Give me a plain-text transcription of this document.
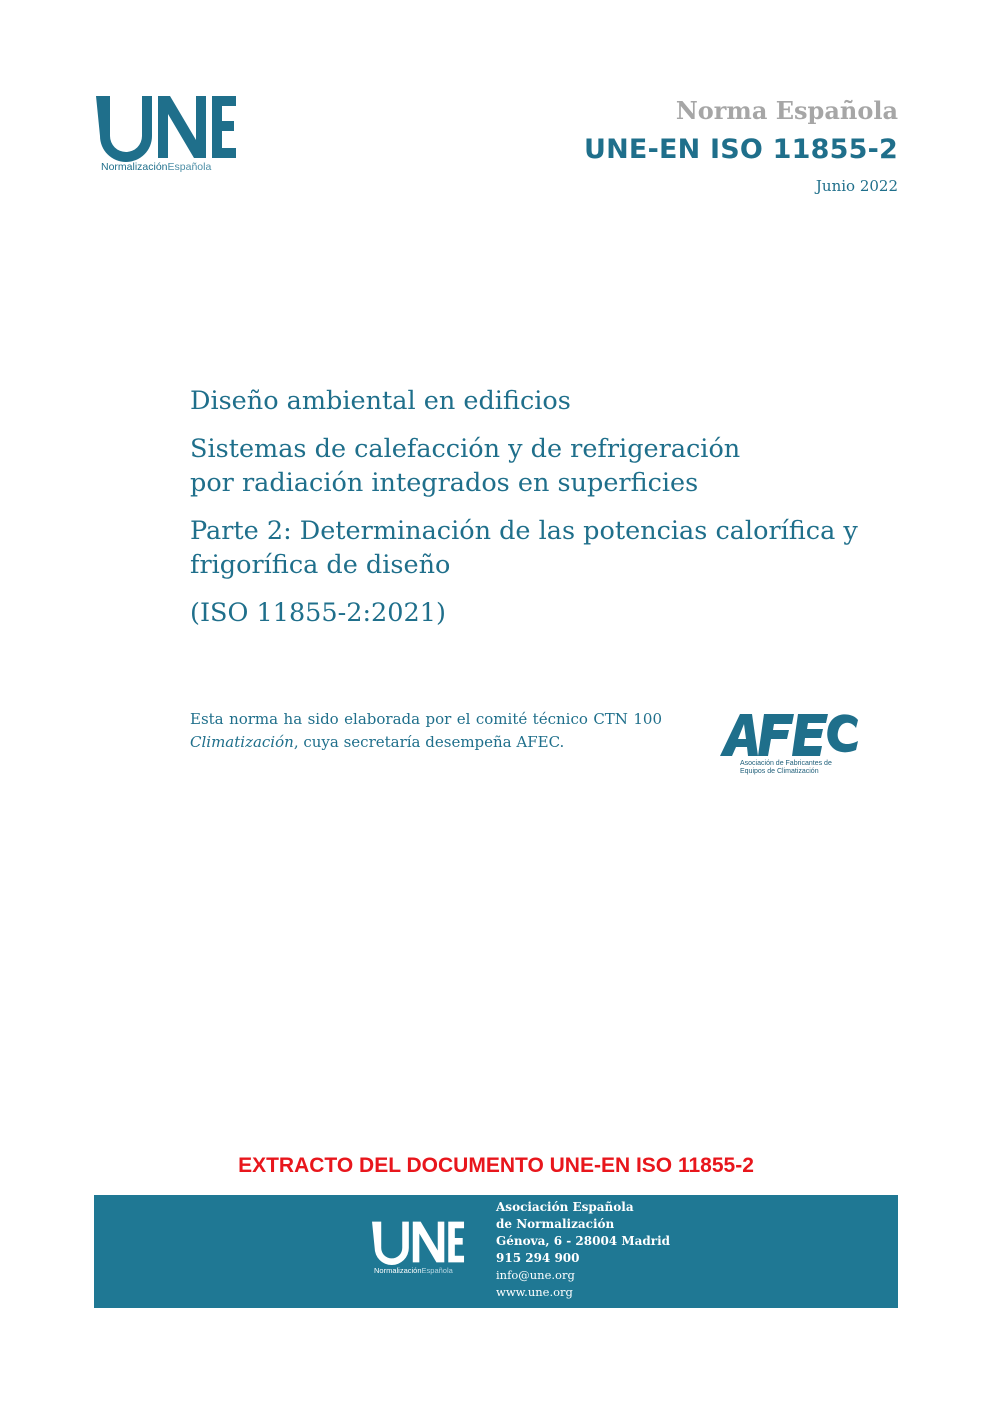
NormalizaciónEspañola
Norma Española
UNE-EN ISO 11855-2
Junio 2022
Diseño ambiental en edificios
Sistemas de calefacción y de refrigeración por radiación integrados en superficies
Parte 2: Determinación de las potencias calorífica y frigorífica de diseño
(ISO 11855-2:2021)
Esta norma ha sido elaborada por el comité técnico CTN 100 Climatización, cuya secretaría desempeña AFEC.
Asociación de Fabricantes de Equipos de Climatización
EXTRACTO DEL DOCUMENTO UNE-EN ISO 11855-2
NormalizaciónEspañola
Asociación Española
de Normalización
Génova, 6 - 28004 Madrid
915 294 900
info@une.org
www.une.org
